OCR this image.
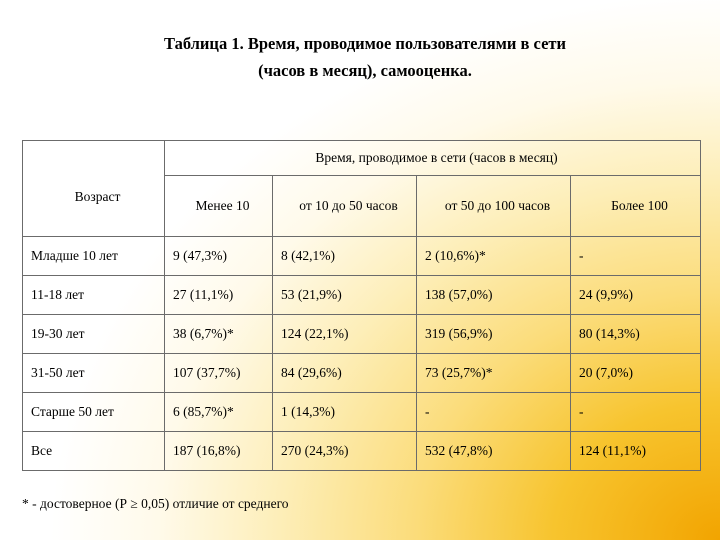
Таблица 1. Время, проводимое пользователями в сети
(часов в месяц), самооценка.
Возраст	Время, проводимое в сети (часов в месяц)			
	Менее 10	от 10 до 50 часов	от 50 до 100 часов	Более 100
Младше 10 лет	9 (47,3%)	8 (42,1%)	2 (10,6%)*	-
11-18 лет	27 (11,1%)	53 (21,9%)	138 (57,0%)	24 (9,9%)
19-30 лет	38 (6,7%)*	124 (22,1%)	319 (56,9%)	80 (14,3%)
31-50 лет	107 (37,7%)	84 (29,6%)	73 (25,7%)*	20 (7,0%)
Старше 50 лет	6 (85,7%)*	1 (14,3%)	-	-
Все	187 (16,8%)	270 (24,3%)	532 (47,8%)	124 (11,1%)
* - достоверное (Р ≥ 0,05) отличие от среднего
